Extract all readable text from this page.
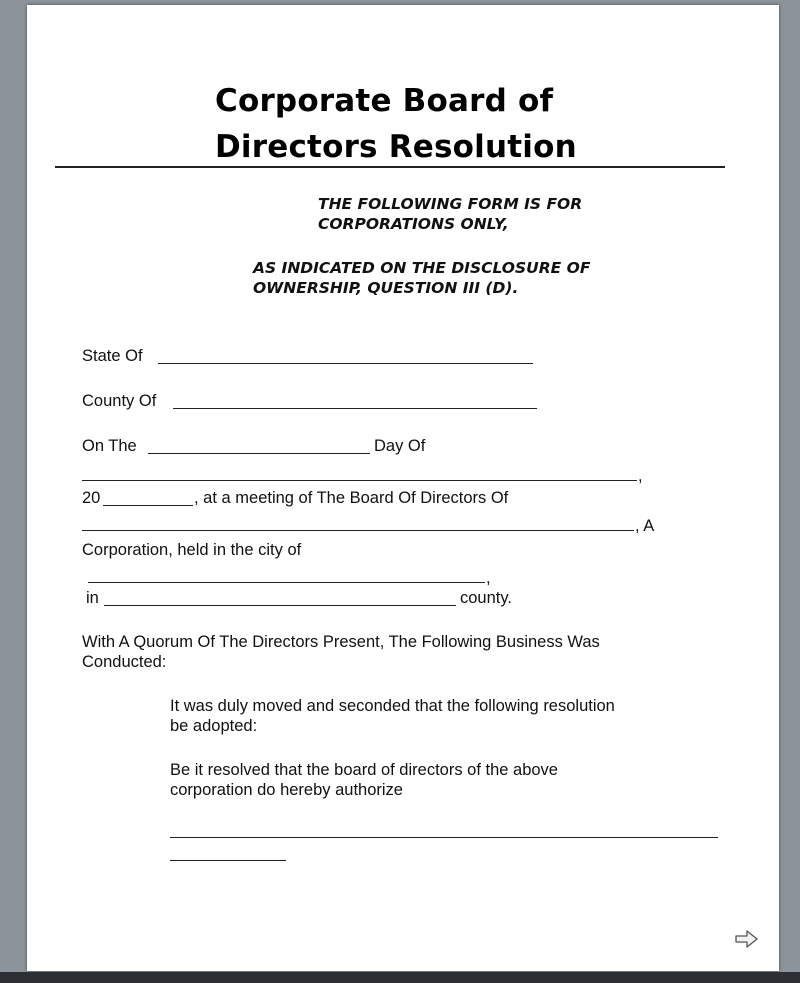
Corporate Board of
Directors Resolution
THE FOLLOWING FORM IS FOR
CORPORATIONS ONLY,
AS INDICATED ON THE DISCLOSURE OF
OWNERSHIP, QUESTION III (D).
State Of
County Of
On The	Day Of
,
20	, at a meeting of The Board Of Directors Of
, A
Corporation, held in the city of
,
in	county.
With A Quorum Of The Directors Present, The Following Business Was
Conducted:
It was duly moved and seconded that the following resolution
be adopted:
Be it resolved that the board of directors of the above
corporation do hereby authorize
